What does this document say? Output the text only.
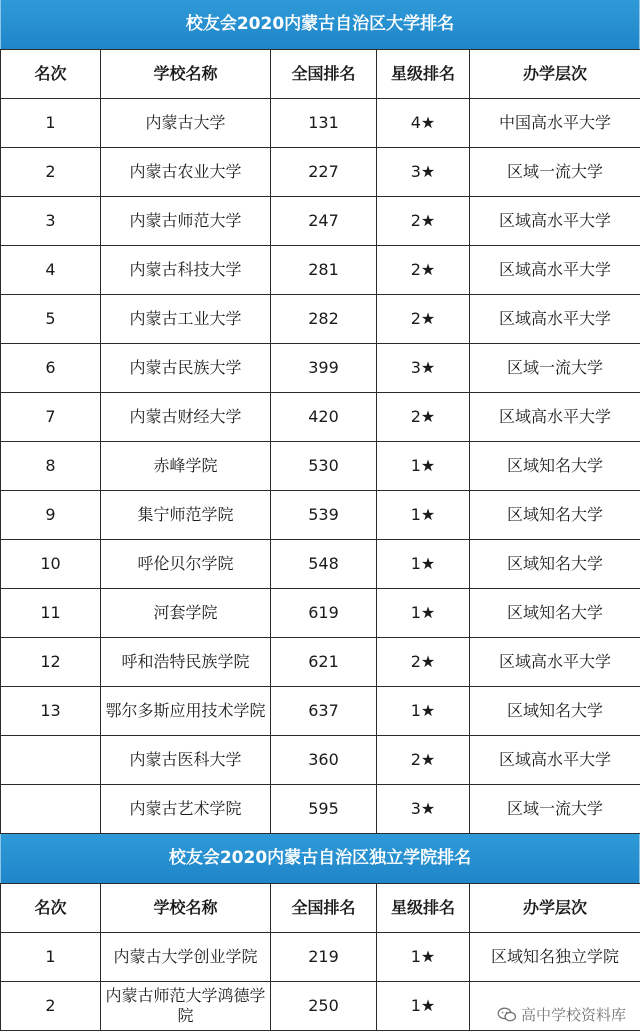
校友会2020内蒙古自治区大学排名
名次	学校名称	全国排名	星级排名	办学层次
1	内蒙古大学	131	4★	中国高水平大学
2	内蒙古农业大学	227	3★	区域一流大学
3	内蒙古师范大学	247	2★	区域高水平大学
4	内蒙古科技大学	281	2★	区域高水平大学
5	内蒙古工业大学	282	2★	区域高水平大学
6	内蒙古民族大学	399	3★	区域一流大学
7	内蒙古财经大学	420	2★	区域高水平大学
8	赤峰学院	530	1★	区域知名大学
9	集宁师范学院	539	1★	区域知名大学
10	呼伦贝尔学院	548	1★	区域知名大学
11	河套学院	619	1★	区域知名大学
12	呼和浩特民族学院	621	2★	区域高水平大学
13	鄂尔多斯应用技术学院	637	1★	区域知名大学
	内蒙古医科大学	360	2★	区域高水平大学
	内蒙古艺术学院	595	3★	区域一流大学
校友会2020内蒙古自治区独立学院排名
名次	学校名称	全国排名	星级排名	办学层次
1	内蒙古大学创业学院	219	1★	区域知名独立学院
2	内蒙古师范大学鸿德学院	250	1★		高中学校资料库
